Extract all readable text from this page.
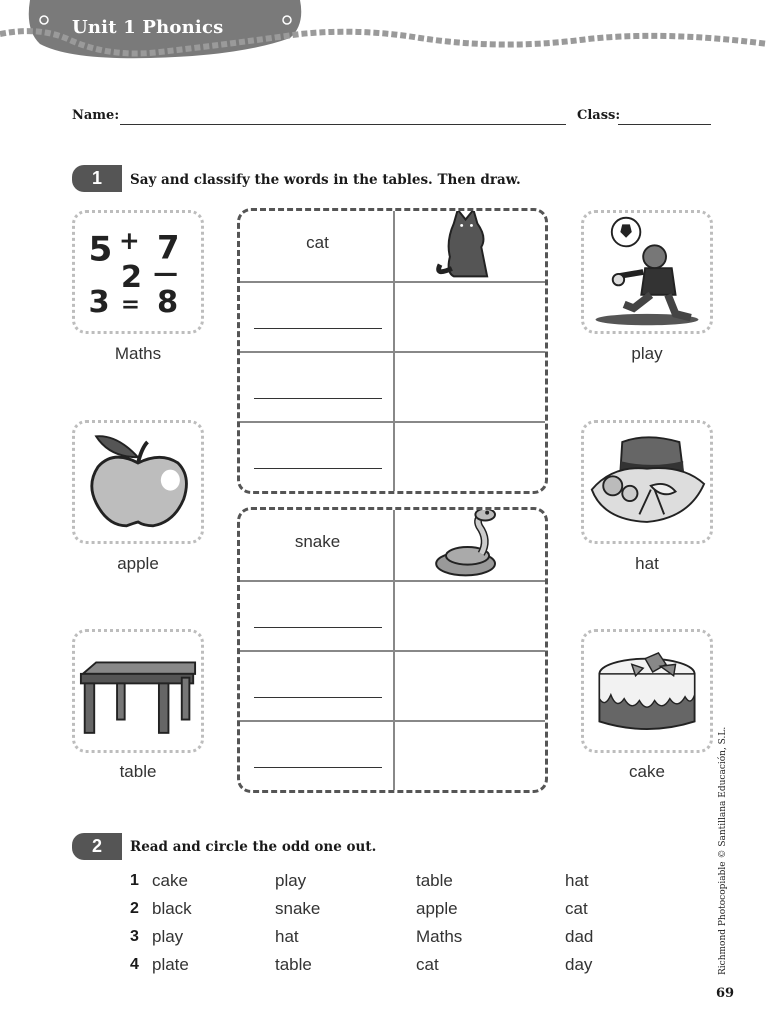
Unit 1 Phonics
Name:	Class:
1	Say and classify the words in the tables. Then draw.
5 + 7
2 —
3 = 8
Maths
apple
table
play
hat
cake
cat
snake
2	Read and circle the odd one out.
1 cake	play	table	hat
2 black	snake	apple	cat
3 play	hat	Maths	dad
4 plate	table	cat	day	Richmond Photocopiable © Santillana Educación, S.L.
69
